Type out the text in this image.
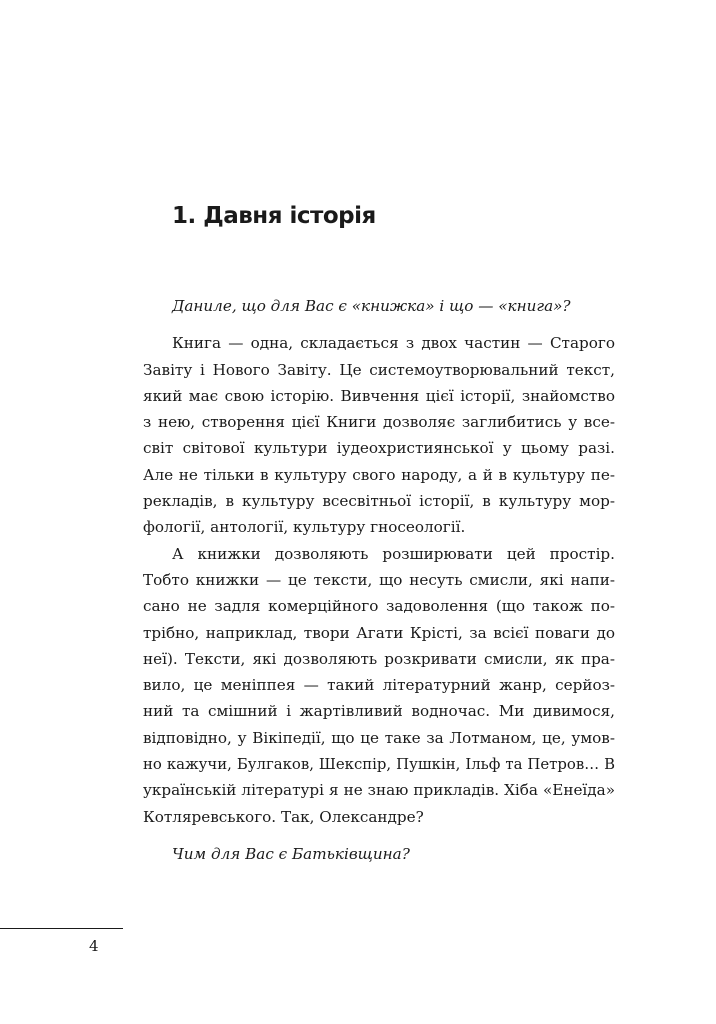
1. Давня історія
Даниле, що для Вас є «книжка» і що — «книга»?
Книга — одна, складається з двох частин — Старого
Завіту і Нового Завіту. Це системоутворювальний текст,
який має свою історію. Вивчення цієї історії, знайомство
з нею, створення цієї Книги дозволяє заглибитись у все-
світ світової культури іудеохристиянської у цьому разі.
Але не тільки в культуру свого народу, а й в культуру пе-
рекладів, в культуру всесвітньої історії, в культуру мор-
фології, антології, культуру гносеології.
А книжки дозволяють розширювати цей простір.
Тобто книжки — це тексти, що несуть смисли, які напи-
сано не задля комерційного задоволення (що також по-
трібно, наприклад, твори Агати Крісті, за всієї поваги до
неї). Тексти, які дозволяють розкривати смисли, як пра-
вило, це меніппея — такий літературний жанр, серйоз-
ний та смішний і жартівливий водночас. Ми дивимося,
відповідно, у Вікіпедії, що це таке за Лотманом, це, умов-
но кажучи, Булгаков, Шекспір, Пушкін, Ільф та Петров… В
українській літературі я не знаю прикладів. Хіба «Енеїда»
Котляревського. Так, Олександре?
Чим для Вас є Батьківщина?
4
